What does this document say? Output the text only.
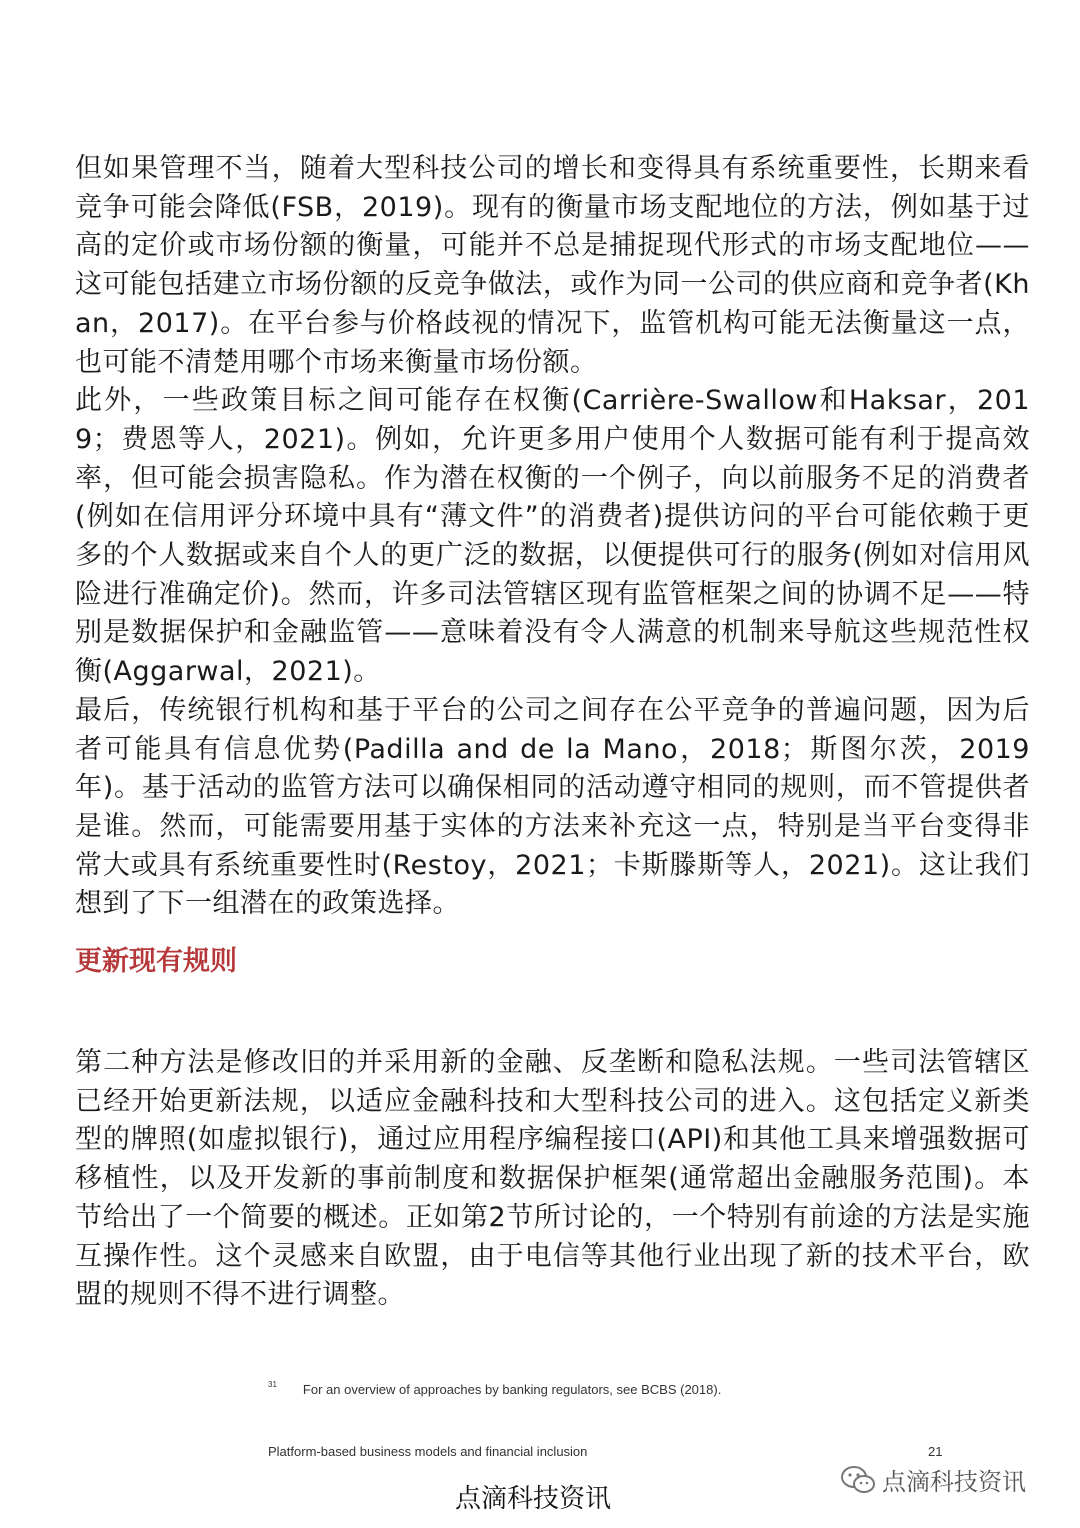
但如果管理不当，随着大型科技公司的增长和变得具有系统重要性，长期来看竞争可能会降低(FSB，2019)。现有的衡量市场支配地位的方法，例如基于过高的定价或市场份额的衡量，可能并不总是捕捉现代形式的市场支配地位——这可能包括建立市场份额的反竞争做法，或作为同一公司的供应商和竞争者(Khan，2017)。在平台参与价格歧视的情况下，监管机构可能无法衡量这一点，也可能不清楚用哪个市场来衡量市场份额。

此外，一些政策目标之间可能存在权衡(Carrière-Swallow和Haksar，2019；费恩等人，2021)。例如，允许更多用户使用个人数据可能有利于提高效率，但可能会损害隐私。作为潜在权衡的一个例子，向以前服务不足的消费者(例如在信用评分环境中具有“薄文件”的消费者)提供访问的平台可能依赖于更多的个人数据或来自个人的更广泛的数据，以便提供可行的服务(例如对信用风险进行准确定价)。然而，许多司法管辖区现有监管框架之间的协调不足——特别是数据保护和金融监管——意味着没有令人满意的机制来导航这些规范性权衡(Aggarwal，2021)。

最后，传统银行机构和基于平台的公司之间存在公平竞争的普遍问题，因为后者可能具有信息优势(Padilla and de la Mano，2018；斯图尔茨，2019年)。基于活动的监管方法可以确保相同的活动遵守相同的规则，而不管提供者是谁。然而，可能需要用基于实体的方法来补充这一点，特别是当平台变得非常大或具有系统重要性时(Restoy，2021；卡斯滕斯等人，2021)。这让我们想到了下一组潜在的政策选择。

更新现有规则

第二种方法是修改旧的并采用新的金融、反垄断和隐私法规。一些司法管辖区已经开始更新法规，以适应金融科技和大型科技公司的进入。这包括定义新类型的牌照(如虚拟银行)，通过应用程序编程接口(API)和其他工具来增强数据可移植性，以及开发新的事前制度和数据保护框架(通常超出金融服务范围)。本节给出了一个简要的概述。正如第2节所讨论的，一个特别有前途的方法是实施互操作性。这个灵感来自欧盟，由于电信等其他行业出现了新的技术平台，欧盟的规则不得不进行调整。

$^{31}$ For an overview of approaches by banking regulators, see BCBS (2018).
Platform-based business models and financial inclusion	21
点滴科技资讯
点滴科技资讯
